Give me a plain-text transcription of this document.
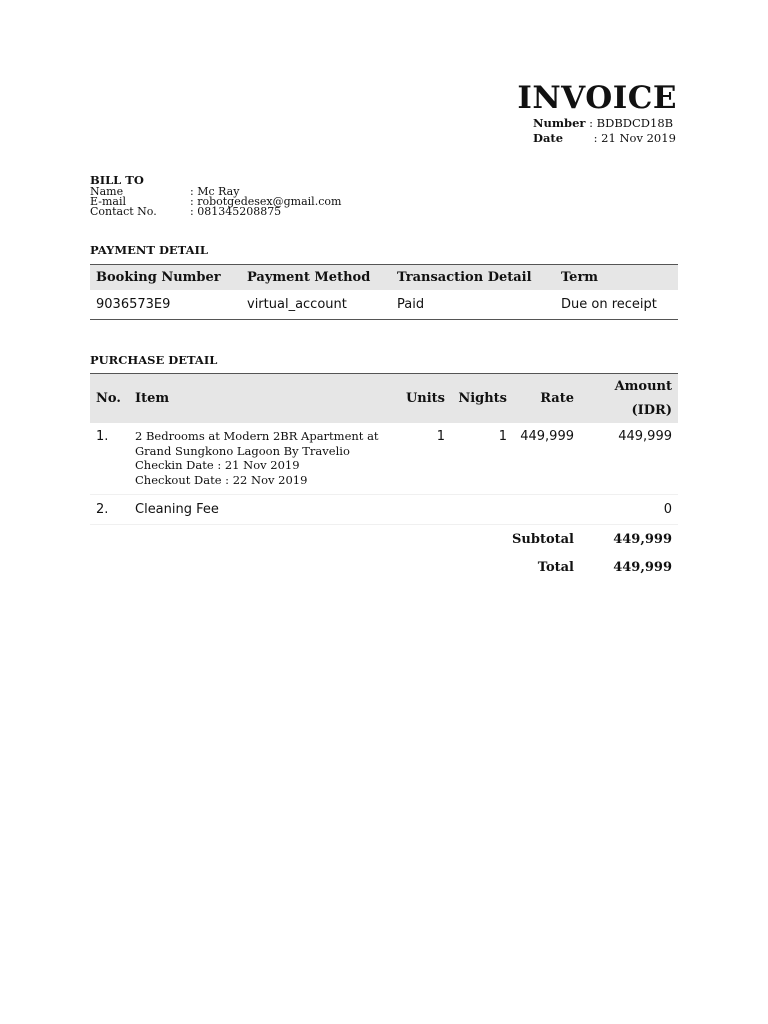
INVOICE
Number : BDBDCD18B
Date	: 21 Nov 2019
BILL TO
Name	: Mc Ray
E-mail	: robotgedesex@gmail.com
Contact No.	: 081345208875
PAYMENT DETAIL
Booking Number	Payment Method	Transaction Detail	Term
9036573E9	virtual_account	Paid	Due on receipt
PURCHASE DETAIL
No.	Item	Units	Nights	Rate	Amount
(IDR)

1.	2 Bedrooms at Modern 2BR Apartment at
Grand Sungkono Lagoon By Travelio
Checkin Date : 21 Nov 2019
Checkout Date : 22 Nov 2019	1	1	449,999	449,999
2.	Cleaning Fee				0
Subtotal					449,999
Total					449,999
